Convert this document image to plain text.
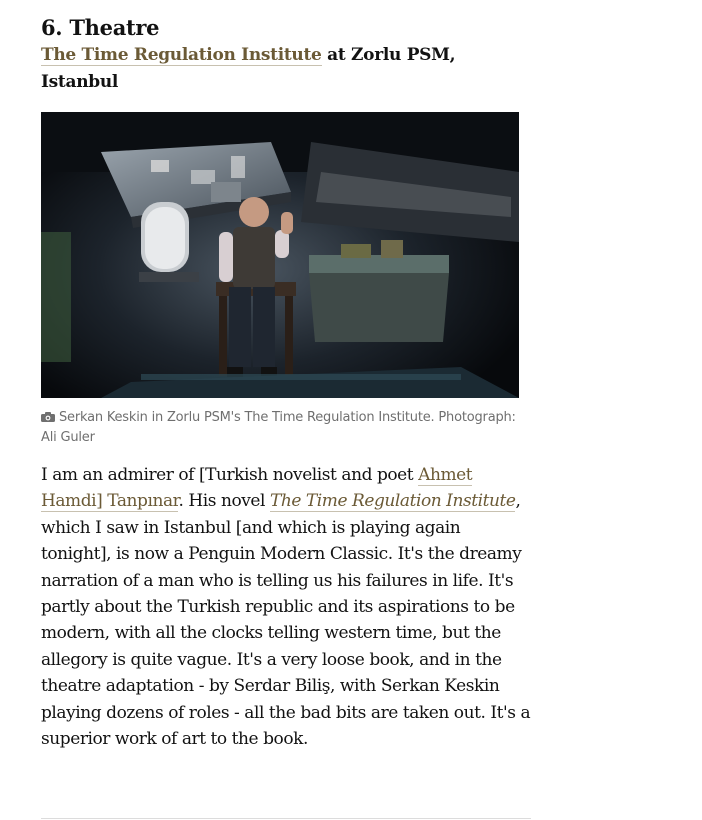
6. Theatre

The Time Regulation Institute at Zorlu PSM, Istanbul

Serkan Keskin in Zorlu PSM's The Time Regulation Institute. Photograph: Ali Guler

I am an admirer of [Turkish novelist and poet Ahmet Hamdi] Tanpınar. His novel The Time Regulation Institute, which I saw in Istanbul [and which is playing again tonight], is now a Penguin Modern Classic. It's the dreamy narration of a man who is telling us his failures in life. It's partly about the Turkish republic and its aspirations to be modern, with all the clocks telling western time, but the allegory is quite vague. It's a very loose book, and in the theatre adaptation - by Serdar Biliş, with Serkan Keskin playing dozens of roles - all the bad bits are taken out. It's a superior work of art to the book.
